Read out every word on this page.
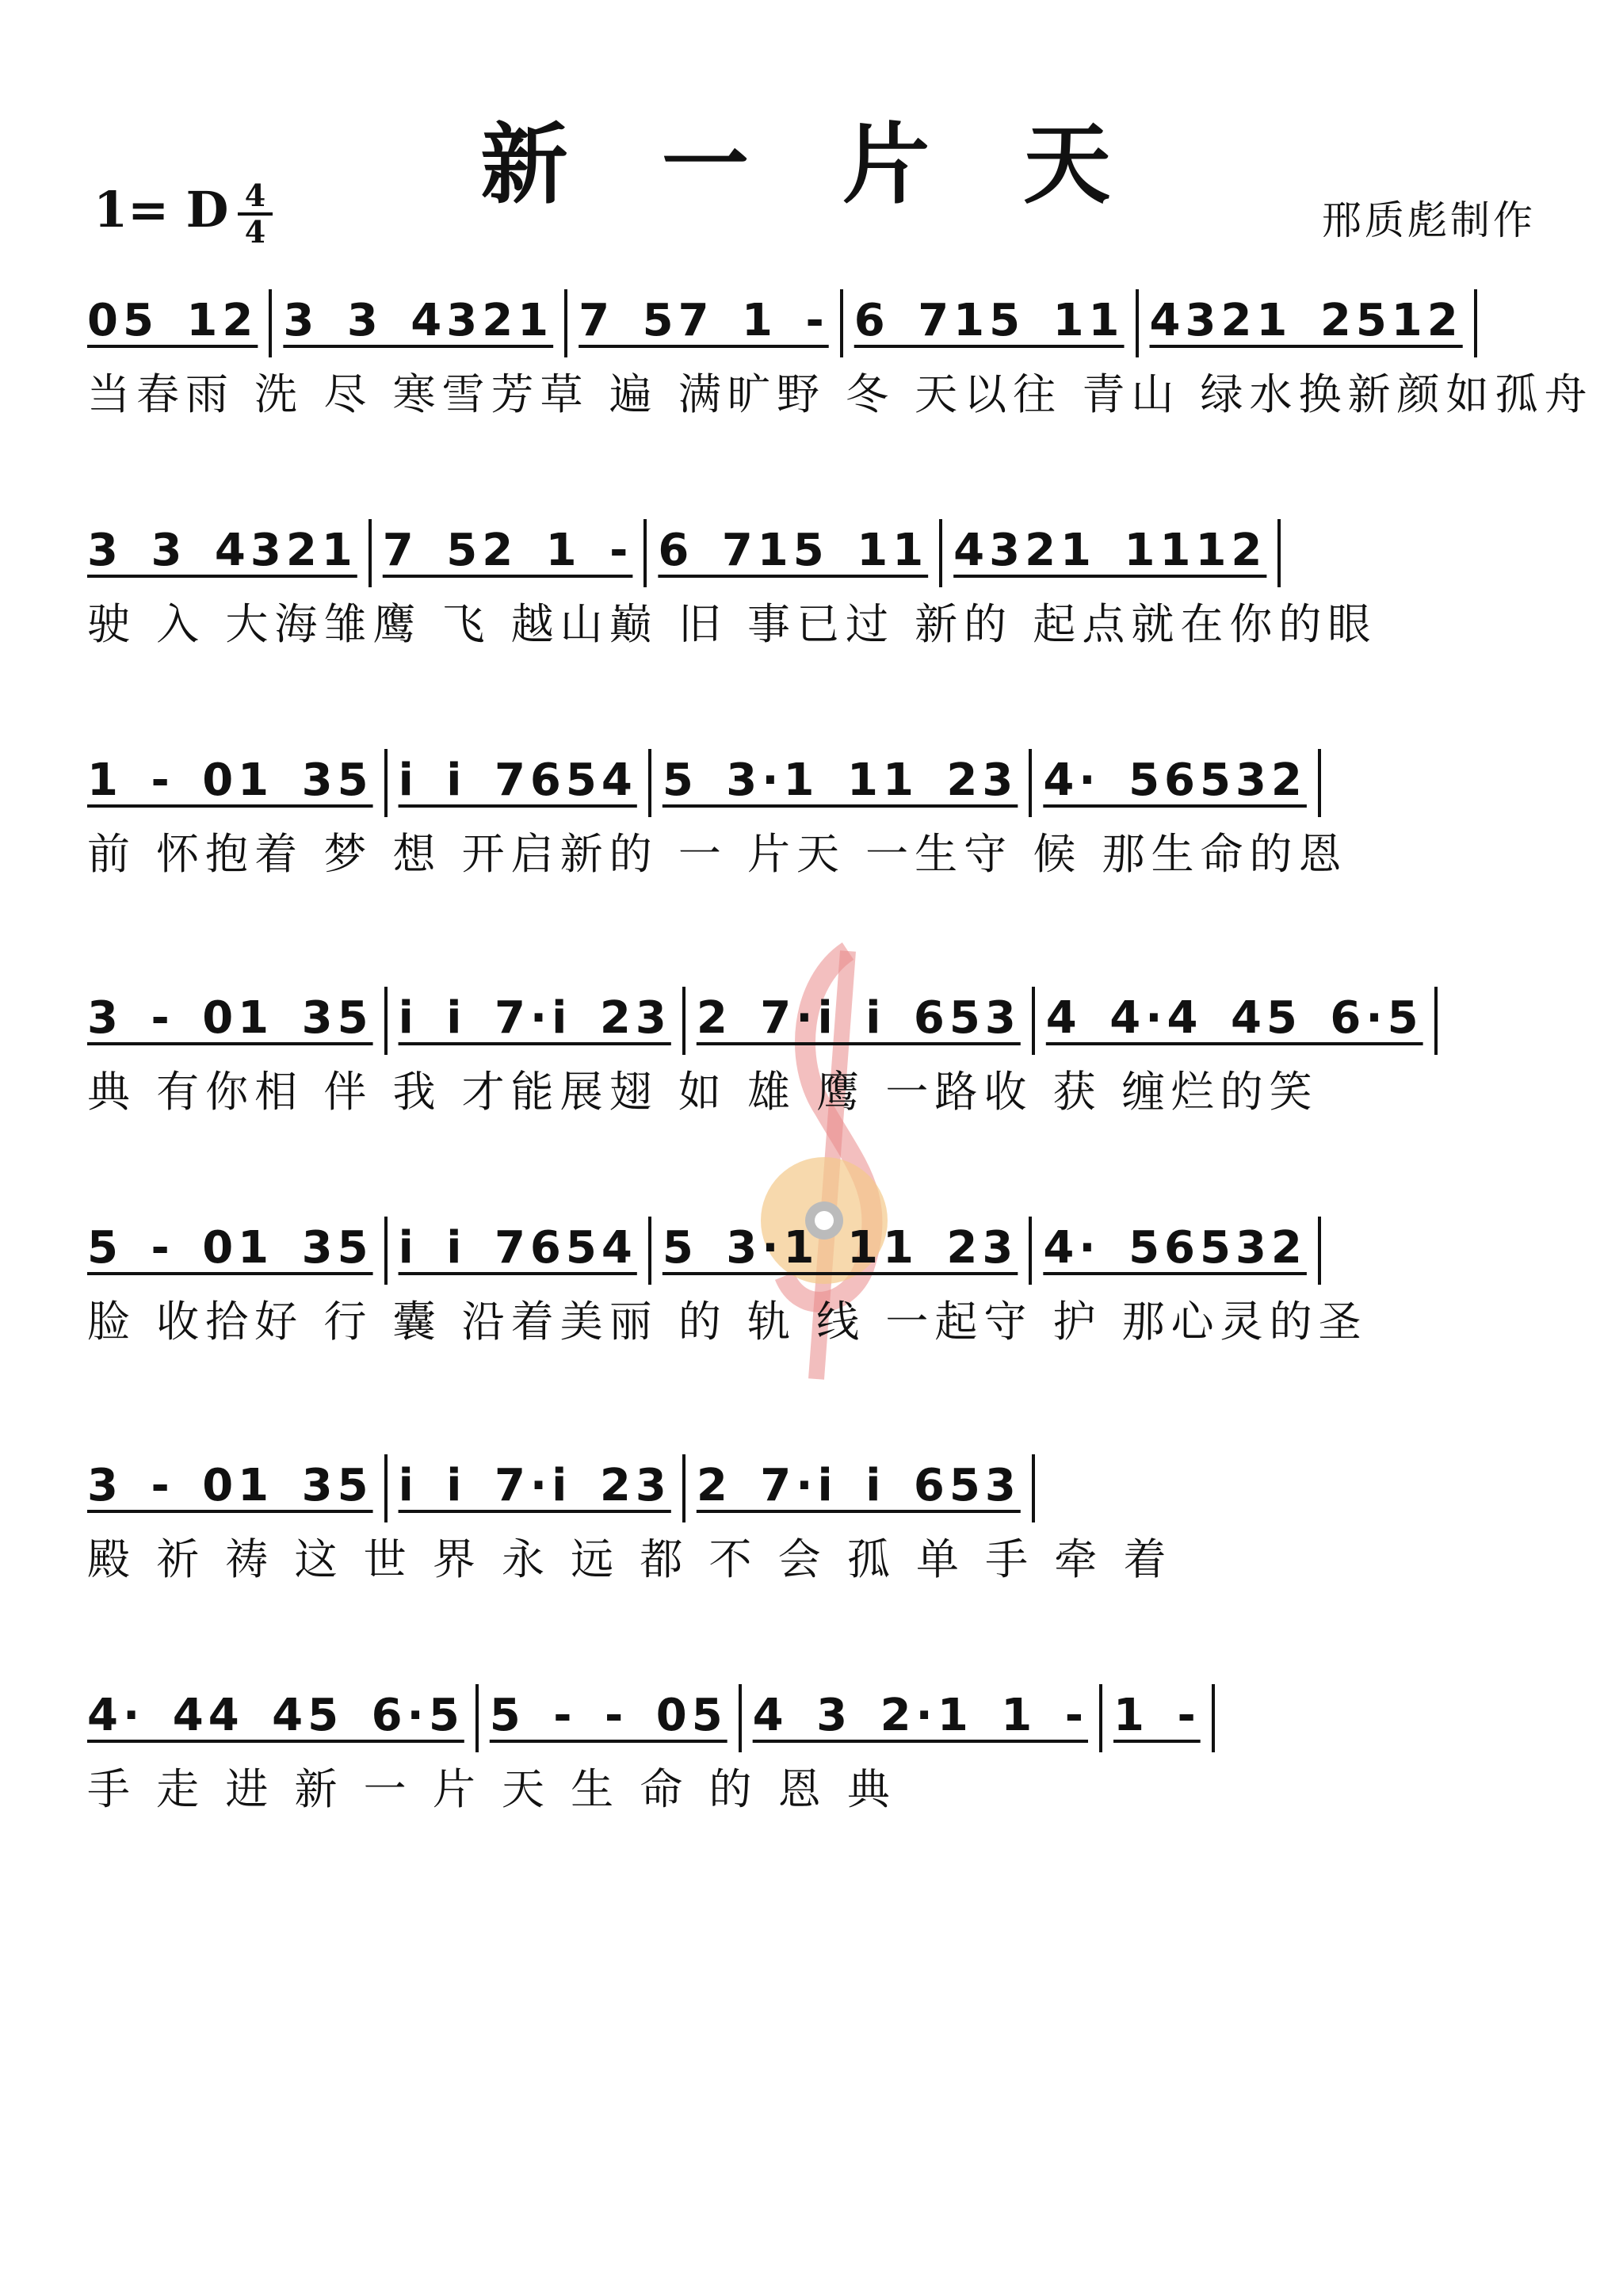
新 一 片 天
1= D 4
4	邢质彪制作
05 12 3 3 4321 7 57 1 - 6 715 11 4321 2512
当春雨 洗 尽 寒雪芳草 遍 满旷野 冬 天以往 青山 绿水换新颜如孤舟
3 3 4321 7 52 1 - 6 715 11 4321 1112
驶 入 大海雏鹰 飞 越山巅 旧 事已过 新的 起点就在你的眼
1 - 01 35 i i 7654 5 3·1 11 23 4· 56532
前 怀抱着 梦 想 开启新的 一 片天 一生守 候 那生命的恩
3 - 01 35 i i 7·i 23 2 7·i i 653 4 4·4 45 6·5
典 有你相 伴 我 才能展翅 如 雄 鹰 一路收 获 缠烂的笑
5 - 01 35 i i 7654 5 3·1 11 23 4· 56532
脸 收拾好 行 囊 沿着美丽 的 轨 线 一起守 护 那心灵的圣
3 - 01 35 i i 7·i 23 2 7·i i 653
殿 祈 祷 这 世 界 永 远 都 不 会 孤 单 手 牵 着
4· 44 45 6·5 5 - - 05 4 3 2·1 1 - 1 -
手 走 进 新 一 片 天 生 命 的 恩 典
